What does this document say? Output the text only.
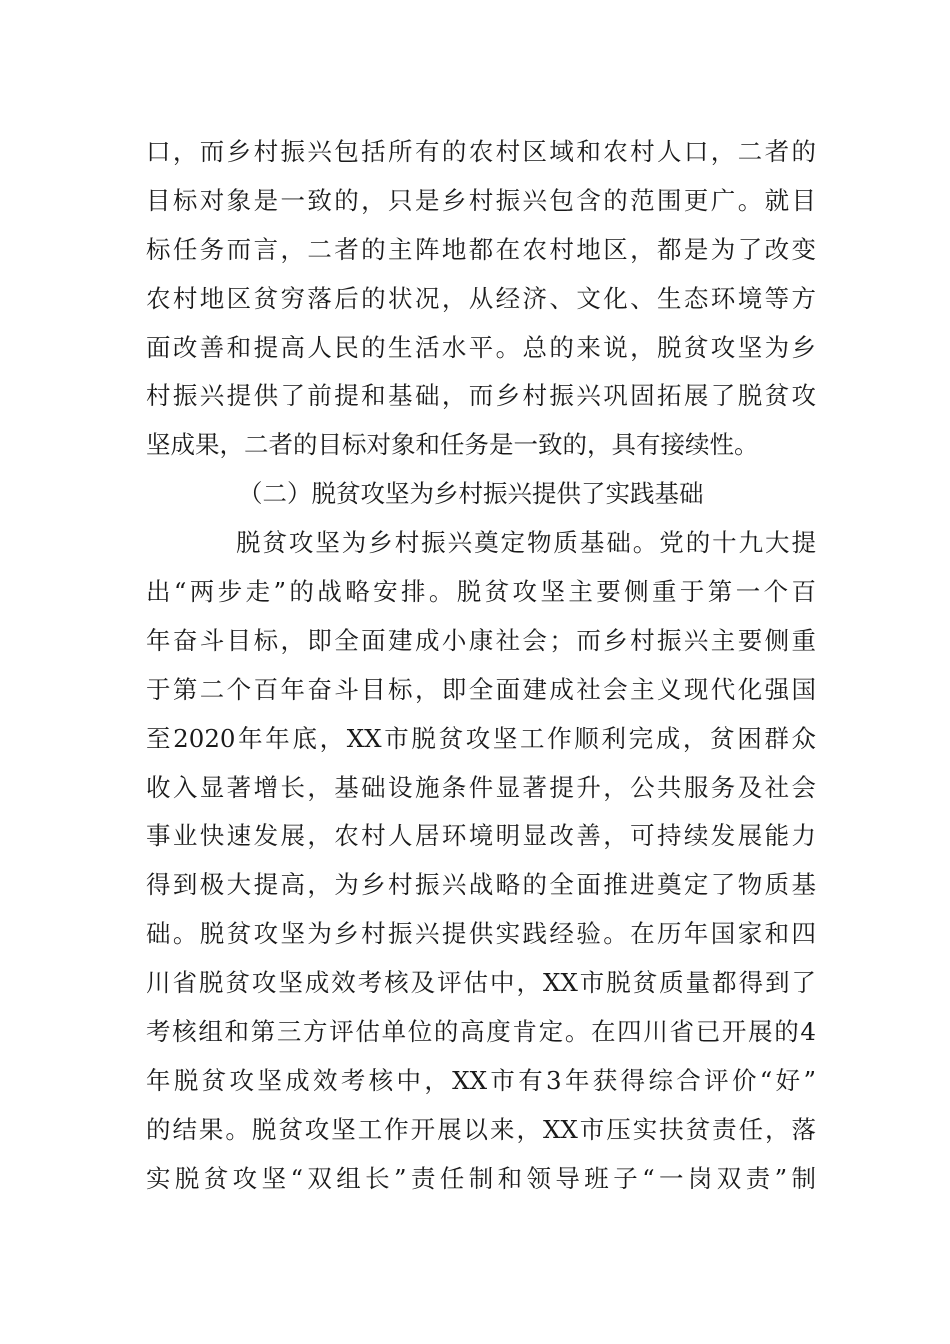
口，而乡村振兴包括所有的农村区域和农村人口，二者的
目标对象是一致的，只是乡村振兴包含的范围更广。就目
标任务而言，二者的主阵地都在农村地区，都是为了改变
农村地区贫穷落后的状况，从经济、文化、生态环境等方
面改善和提高人民的生活水平。总的来说，脱贫攻坚为乡
村振兴提供了前提和基础，而乡村振兴巩固拓展了脱贫攻
坚成果，二者的目标对象和任务是一致的，具有接续性。
（二）脱贫攻坚为乡村振兴提供了实践基础
脱贫攻坚为乡村振兴奠定物质基础。党的十九大提
出“两步走”的战略安排。脱贫攻坚主要侧重于第一个百
年奋斗目标，即全面建成小康社会；而乡村振兴主要侧重
于第二个百年奋斗目标，即全面建成社会主义现代化强国
至2020年年底，XX市脱贫攻坚工作顺利完成，贫困群众
收入显著增长，基础设施条件显著提升，公共服务及社会
事业快速发展，农村人居环境明显改善，可持续发展能力
得到极大提高，为乡村振兴战略的全面推进奠定了物质基
础。脱贫攻坚为乡村振兴提供实践经验。在历年国家和四
川省脱贫攻坚成效考核及评估中，XX市脱贫质量都得到了
考核组和第三方评估单位的高度肯定。在四川省已开展的4
年脱贫攻坚成效考核中，XX市有3年获得综合评价“好”
的结果。脱贫攻坚工作开展以来，XX市压实扶贫责任，落
实脱贫攻坚“双组长”责任制和领导班子“一岗双责”制
